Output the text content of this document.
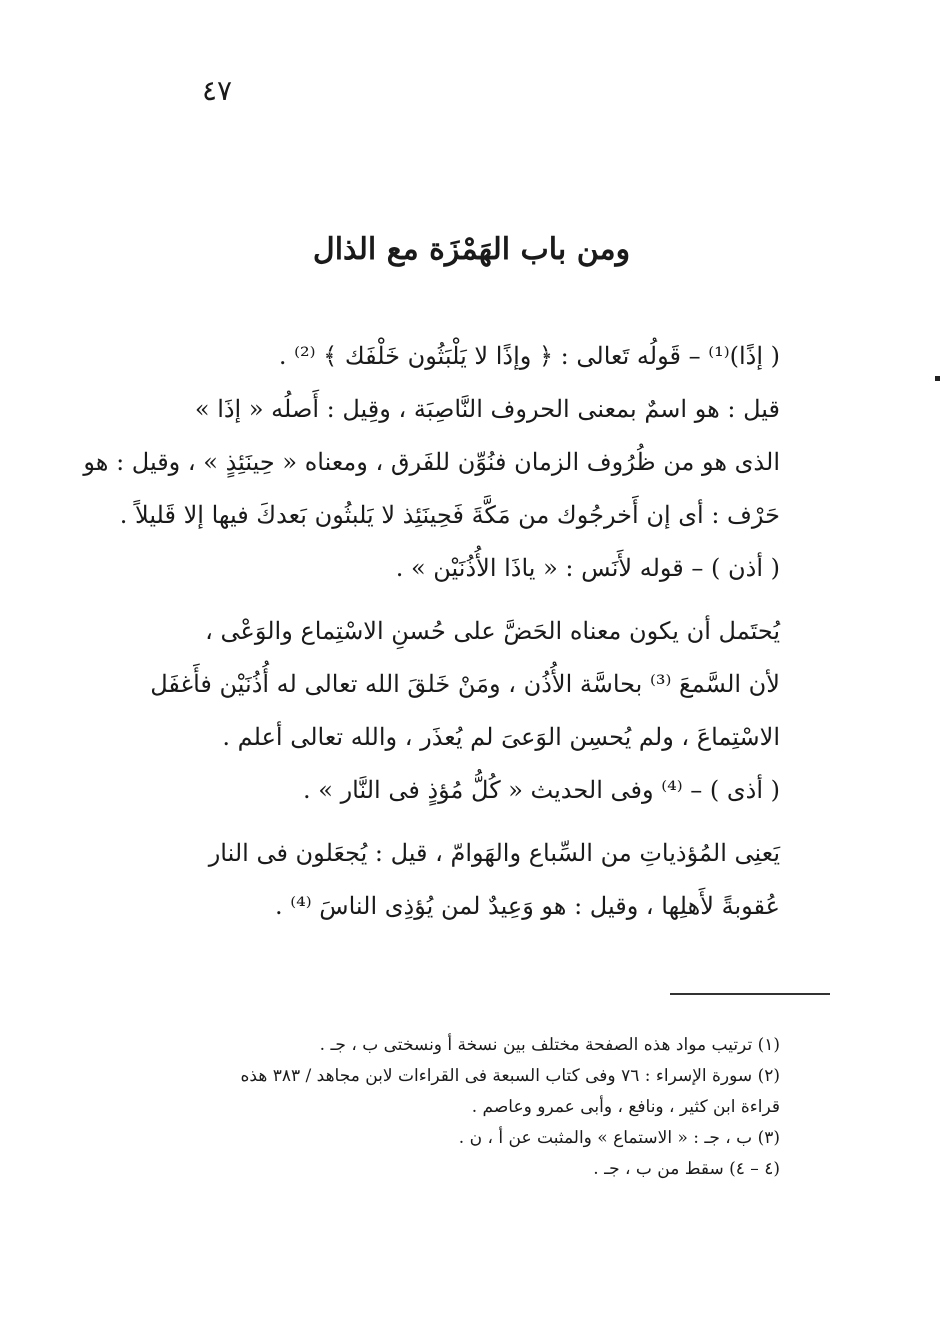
٤٧
ومن باب الهَمْزَة مع الذال
( إذًا)⁽¹⁾ – قَولُه تَعالى : ﴿ وإذًا لا يَلْبَثُون خَلْفَك ﴾ ⁽²⁾ .
قيل : هو اسمٌ بمعنى الحروف النَّاصِبَة ، وقِيل : أَصلُه « إذَا »
الذى هو من ظُرُوف الزمان فنُوِّن للفَرق ، ومعناه « حِينَئِذٍ » ، وقيل : هو
حَرْف : أى إن أَخرجُوك من مَكَّةَ فَحِينَئِذ لا يَلبثُون بَعدكَ فيها إلا قَليلاً .
( أذن ) – قوله لأَنَس : « ياذَا الأُذُنَيْن » .
يُحتَمل أن يكون معناه الحَضَّ على حُسنِ الاسْتِماع والوَعْى ،
لأن السَّمعَ ⁽³⁾ بحاسَّة الأُذُن ، ومَنْ خَلقَ الله تعالى له أُذُنَيْن فأَغفَل
الاسْتِماعَ ، ولم يُحسِن الوَعىَ لم يُعذَر ، والله تعالى أعلم .
( أذى ) – ⁽⁴⁾ وفى الحديث « كُلُّ مُؤذٍ فى النَّار » .
يَعنِى المُؤذياتِ من السِّباع والهَوامّ ، قيل : يُجعَلون فى النار
عُقوبةً لأَهلِها ، وقيل : هو وَعِيدٌ لمن يُؤذِى الناسَ ⁽⁴⁾ .
(١) ترتيب مواد هذه الصفحة مختلف بين نسخة أ ونسختى ب ، جـ .
(٢) سورة الإسراء : ٧٦ وفى كتاب السبعة فى القراءات لابن مجاهد / ٣٨٣ هذه
قراءة ابن كثير ، ونافع ، وأبى عمرو وعاصم .
(٣) ب ، جـ : « الاستماع » والمثبت عن أ ، ن .
(٤ – ٤) سقط من ب ، جـ .
